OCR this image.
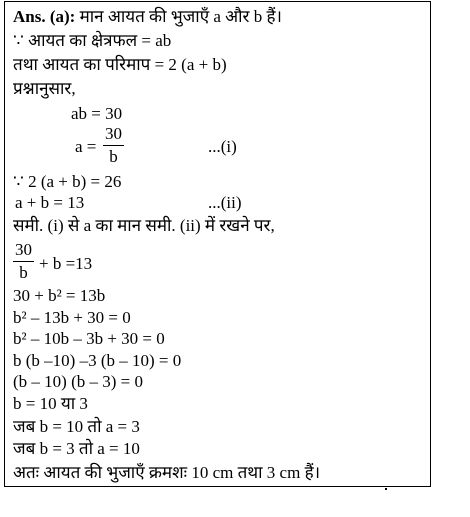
Ans. (a): मान आयत की भुजाएँ a और b हैं।
∵ आयत का क्षेत्रफल = ab
तथा आयत का परिमाप = 2 (a + b)
प्रश्नानुसार,
ab = 30
$a = \frac{30}{b}$	...(i)
∵ 2 (a + b) = 26
a + b = 13	...(ii)
समी. (i) से a का मान समी. (ii) में रखने पर,
$\frac{30}{b} + b =13$
30 + b² = 13b
b² – 13b + 30 = 0
b² – 10b – 3b + 30 = 0
b (b –10) –3 (b – 10) = 0
(b – 10) (b – 3) = 0
b = 10 या 3
जब b = 10 तो a = 3
जब b = 3 तो a = 10
अतः आयत की भुजाएँ क्रमशः 10 cm तथा 3 cm हैं।
